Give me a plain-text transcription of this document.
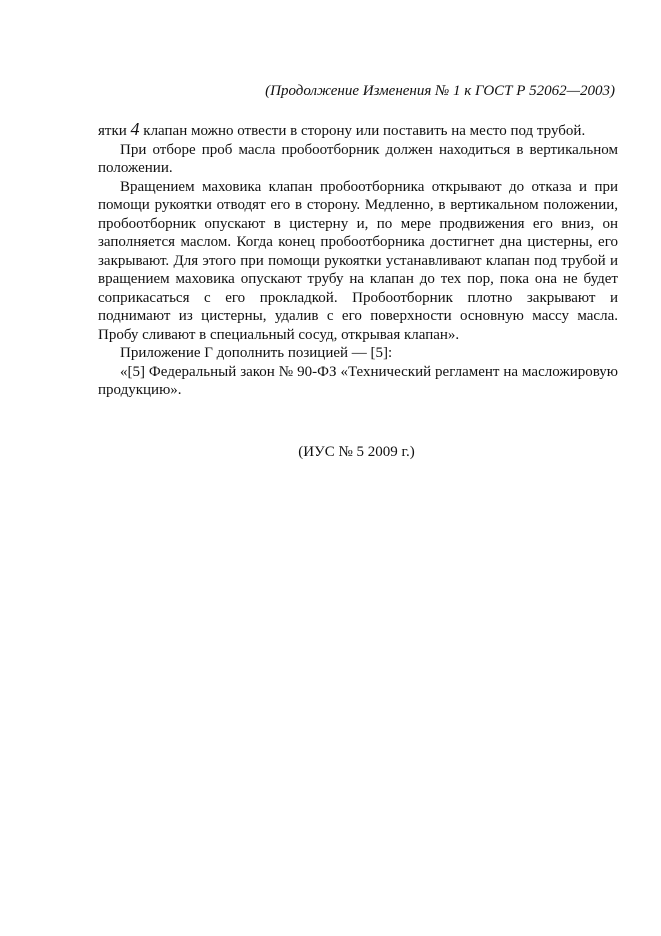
(Продолжение Изменения № 1 к ГОСТ Р 52062—2003)

ятки 4 клапан можно отвести в сторону или поставить на место под трубой.

При отборе проб масла пробоотборник должен находиться в вертикальном положении.

Вращением маховика клапан пробоотборника открывают до отказа и при помощи рукоятки отводят его в сторону. Медленно, в вертикальном положении, пробоотборник опускают в цистерну и, по мере продвижения его вниз, он заполняется маслом. Когда конец пробоотборника достигнет дна цистерны, его закрывают. Для этого при помощи рукоятки устанавливают клапан под трубой и вращением маховика опускают трубу на клапан до тех пор, пока она не будет соприкасаться с его прокладкой. Пробоотборник плотно закрывают и поднимают из цистерны, удалив с его поверхности основную массу масла. Пробу сливают в специальный сосуд, открывая клапан».

Приложение Г дополнить позицией — [5]:

«[5] Федеральный закон № 90-ФЗ «Технический регламент на масложировую продукцию».

(ИУС № 5 2009 г.)
